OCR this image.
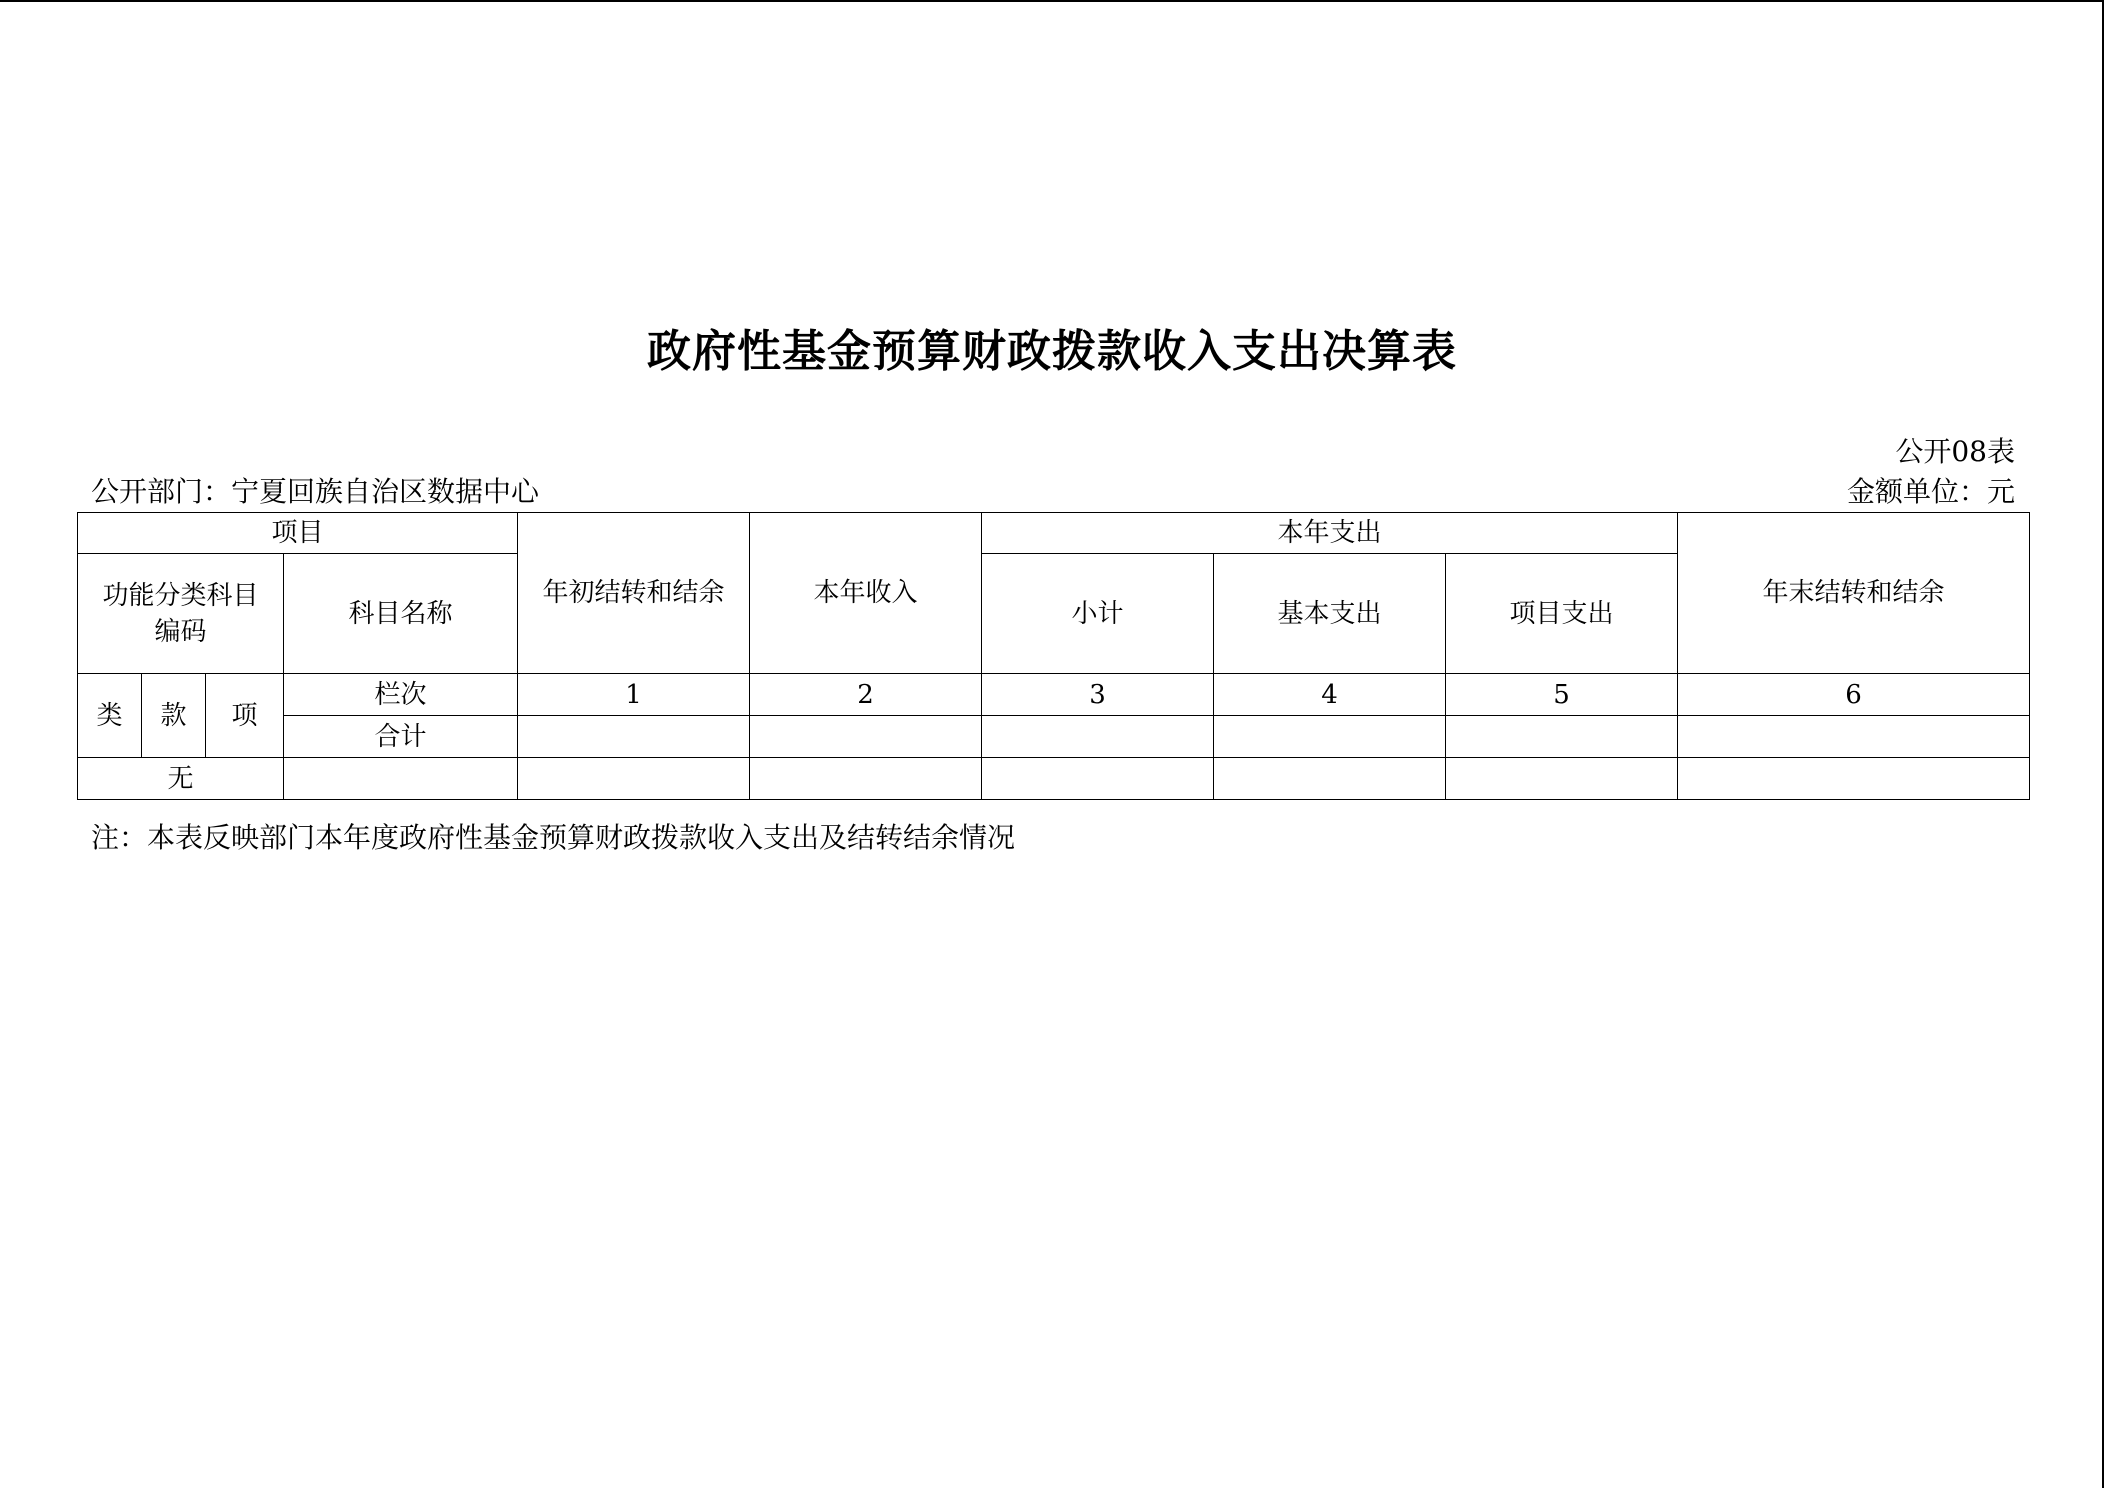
政府性基金预算财政拨款收入支出决算表
公开08表
公开部门：宁夏回族自治区数据中心	金额单位：元
项目				年初结转和结余	本年收入	本年支出			年末结转和结余
功能分类科目编码			科目名称			小计	基本支出	项目支出	

类	款	项	栏次	1	2	3	4	5	6
			合计						
无									
注：本表反映部门本年度政府性基金预算财政拨款收入支出及结转结余情况
